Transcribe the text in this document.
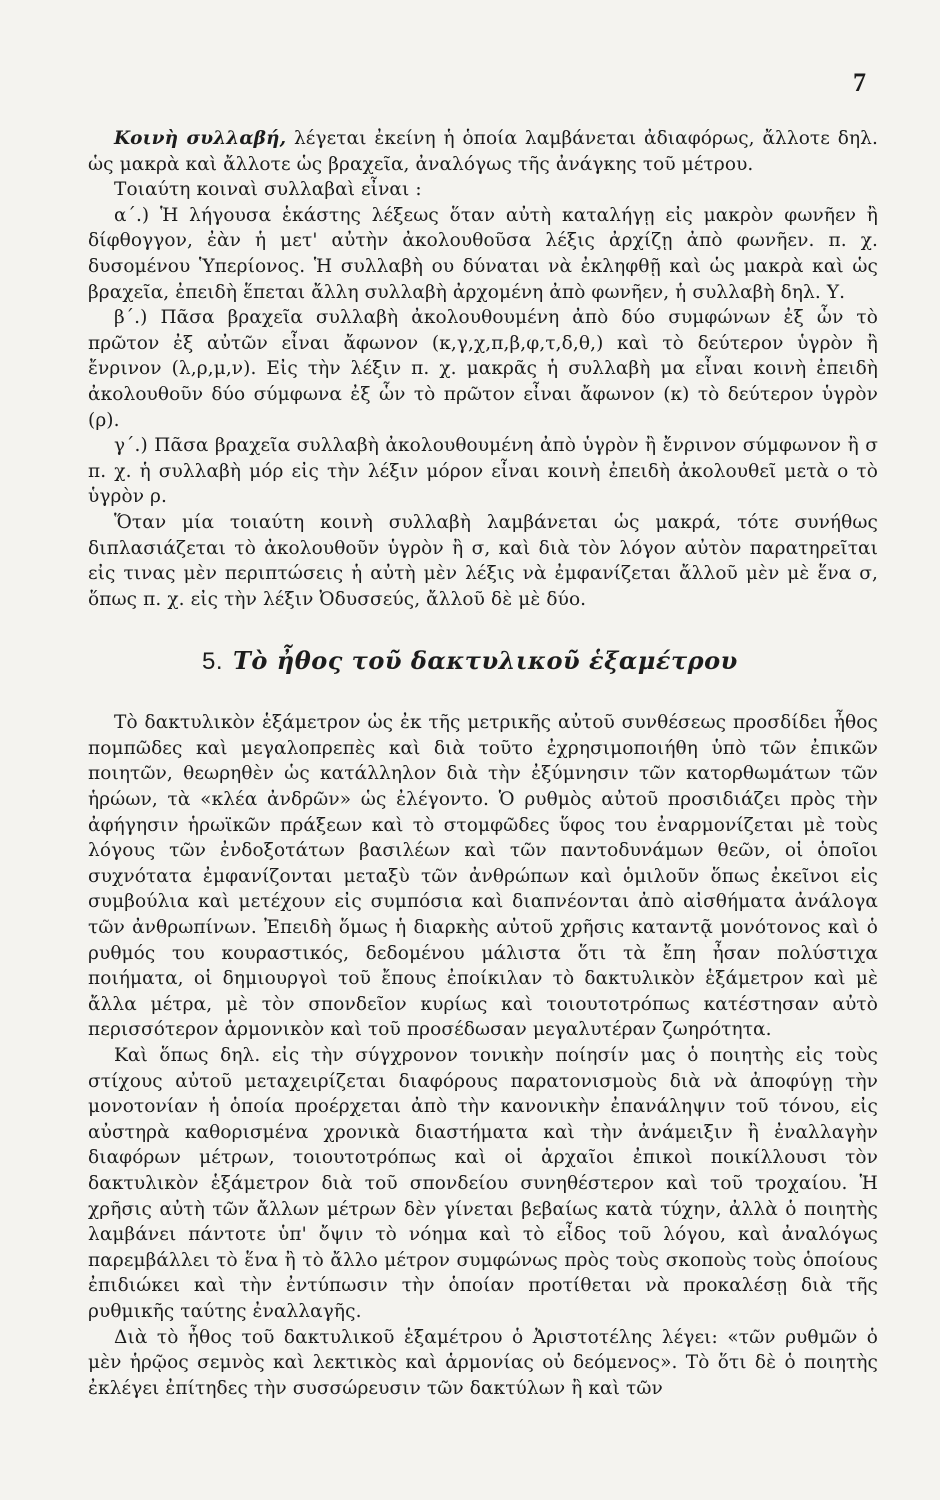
7

Κοινὴ συλλαβή, λέγεται ἐκείνη ἡ ὁποία λαμβάνεται ἀδιαφόρως, ἄλλοτε δηλ. ὡς μακρὰ καὶ ἄλλοτε ὡς βραχεῖα, ἀναλόγως τῆς ἀνάγκης τοῦ μέτρου.

Τοιαύτη κοιναὶ συλλαβαὶ εἶναι :

α΄.) Ἡ λήγουσα ἑκάστης λέξεως ὅταν αὐτὴ καταλήγῃ εἰς μακρὸν φωνῆεν ἢ δίφθογγον, ἐὰν ἡ μετ' αὐτὴν ἀκολουθοῦσα λέξις ἀρχίζῃ ἀπὸ φωνῆεν. π. χ. δυσομένου Ὑπερίονος. Ἡ συλλαβὴ ου δύναται νὰ ἐκληφθῇ καὶ ὡς μακρὰ καὶ ὡς βραχεῖα, ἐπειδὴ ἕπεται ἄλλη συλλαβὴ ἀρχομένη ἀπὸ φωνῆεν, ἡ συλλαβὴ δηλ. Υ.

β΄.) Πᾶσα βραχεῖα συλλαβὴ ἀκολουθουμένη ἀπὸ δύο συμφώνων ἐξ ὧν τὸ πρῶτον ἐξ αὐτῶν εἶναι ἄφωνον (κ,γ,χ,π,β,φ,τ,δ,θ,) καὶ τὸ δεύτερον ὑγρὸν ἢ ἔνρινον (λ,ρ,μ,ν). Εἰς τὴν λέξιν π. χ. μακρᾶς ἡ συλλαβὴ μα εἶναι κοινὴ ἐπειδὴ ἀκολουθοῦν δύο σύμφωνα ἐξ ὧν τὸ πρῶτον εἶναι ἄφωνον (κ) τὸ δεύτερον ὑγρὸν (ρ).

γ΄.) Πᾶσα βραχεῖα συλλαβὴ ἀκολουθουμένη ἀπὸ ὑγρὸν ἢ ἔνρινον σύμφωνον ἢ σ π. χ. ἡ συλλαβὴ μόρ εἰς τὴν λέξιν μόρον εἶναι κοινὴ ἐπειδὴ ἀκολουθεῖ μετὰ ο τὸ ὑγρὸν ρ.

Ὅταν μία τοιαύτη κοινὴ συλλαβὴ λαμβάνεται ὡς μακρά, τότε συνήθως διπλασιάζεται τὸ ἀκολουθοῦν ὑγρὸν ἢ σ, καὶ διὰ τὸν λόγον αὐτὸν παρατηρεῖται εἰς τινας μὲν περιπτώσεις ἡ αὐτὴ μὲν λέξις νὰ ἐμφανίζεται ἄλλοῦ μὲν μὲ ἕνα σ, ὅπως π. χ. εἰς τὴν λέξιν Ὀδυσσεύς, ἄλλοῦ δὲ μὲ δύο.

5. Τὸ ἦθος τοῦ δακτυλικοῦ ἑξαμέτρου

Τὸ δακτυλικὸν ἑξάμετρον ὡς ἐκ τῆς μετρικῆς αὐτοῦ συνθέσεως προσδίδει ἦθος πομπῶδες καὶ μεγαλοπρεπὲς καὶ διὰ τοῦτο ἐχρησιμοποιήθη ὑπὸ τῶν ἐπικῶν ποιητῶν, θεωρηθὲν ὡς κατάλληλον διὰ τὴν ἐξύμνησιν τῶν κατορθωμάτων τῶν ἡρώων, τὰ «κλέα ἀνδρῶν» ὡς ἐλέγοντο. Ὁ ρυθμὸς αὐτοῦ προσιδιάζει πρὸς τὴν ἀφήγησιν ἡρωϊκῶν πράξεων καὶ τὸ στομφῶδες ὕφος του ἐναρμονίζεται μὲ τοὺς λόγους τῶν ἐνδοξοτάτων βασιλέων καὶ τῶν παντοδυνάμων θεῶν, οἱ ὁποῖοι συχνότατα ἐμφανίζονται μεταξὺ τῶν ἀνθρώπων καὶ ὁμιλοῦν ὅπως ἐκεῖνοι εἰς συμβούλια καὶ μετέχουν εἰς συμπόσια καὶ διαπνέονται ἀπὸ αἰσθήματα ἀνάλογα τῶν ἀνθρωπίνων. Ἐπειδὴ ὅμως ἡ διαρκὴς αὐτοῦ χρῆσις καταντᾷ μονότονος καὶ ὁ ρυθμός του κουραστικός, δεδομένου μάλιστα ὅτι τὰ ἔπη ἦσαν πολύστιχα ποιήματα, οἱ δημιουργοὶ τοῦ ἔπους ἐποίκιλαν τὸ δακτυλικὸν ἑξάμετρον καὶ μὲ ἄλλα μέτρα, μὲ τὸν σπονδεῖον κυρίως καὶ τοιουτοτρόπως κατέστησαν αὐτὸ περισσότερον ἁρμονικὸν καὶ τοῦ προσέδωσαν μεγαλυτέραν ζωηρότητα.

Καὶ ὅπως δηλ. εἰς τὴν σύγχρονον τονικὴν ποίησίν μας ὁ ποιητὴς εἰς τοὺς στίχους αὐτοῦ μεταχειρίζεται διαφόρους παρατονισμοὺς διὰ νὰ ἀποφύγῃ τὴν μονοτονίαν ἡ ὁποία προέρχεται ἀπὸ τὴν κανονικὴν ἐπανάληψιν τοῦ τόνου, εἰς αὐστηρὰ καθορισμένα χρονικὰ διαστήματα καὶ τὴν ἀνάμειξιν ἢ ἐναλλαγὴν διαφόρων μέτρων, τοιουτοτρόπως καὶ οἱ ἀρχαῖοι ἐπικοὶ ποικίλλουσι τὸν δακτυλικὸν ἑξάμετρον διὰ τοῦ σπονδείου συνηθέστερον καὶ τοῦ τροχαίου. Ἡ χρῆσις αὐτὴ τῶν ἄλλων μέτρων δὲν γίνεται βεβαίως κατὰ τύχην, ἀλλὰ ὁ ποιητὴς λαμβάνει πάντοτε ὑπ' ὄψιν τὸ νόημα καὶ τὸ εἶδος τοῦ λόγου, καὶ ἀναλόγως παρεμβάλλει τὸ ἕνα ἢ τὸ ἄλλο μέτρον συμφώνως πρὸς τοὺς σκοποὺς τοὺς ὁποίους ἐπιδιώκει καὶ τὴν ἐντύπωσιν τὴν ὁποίαν προτίθεται νὰ προκαλέσῃ διὰ τῆς ρυθμικῆς ταύτης ἐναλλαγῆς.

Διὰ τὸ ἦθος τοῦ δακτυλικοῦ ἑξαμέτρου ὁ Ἀριστοτέλης λέγει: «τῶν ρυθμῶν ὁ μὲν ἡρῷος σεμνὸς καὶ λεκτικὸς καὶ ἁρμονίας οὐ δεόμενος». Τὸ ὅτι δὲ ὁ ποιητὴς ἐκλέγει ἐπίτηδες τὴν συσσώρευσιν τῶν δακτύλων ἢ καὶ τῶν
